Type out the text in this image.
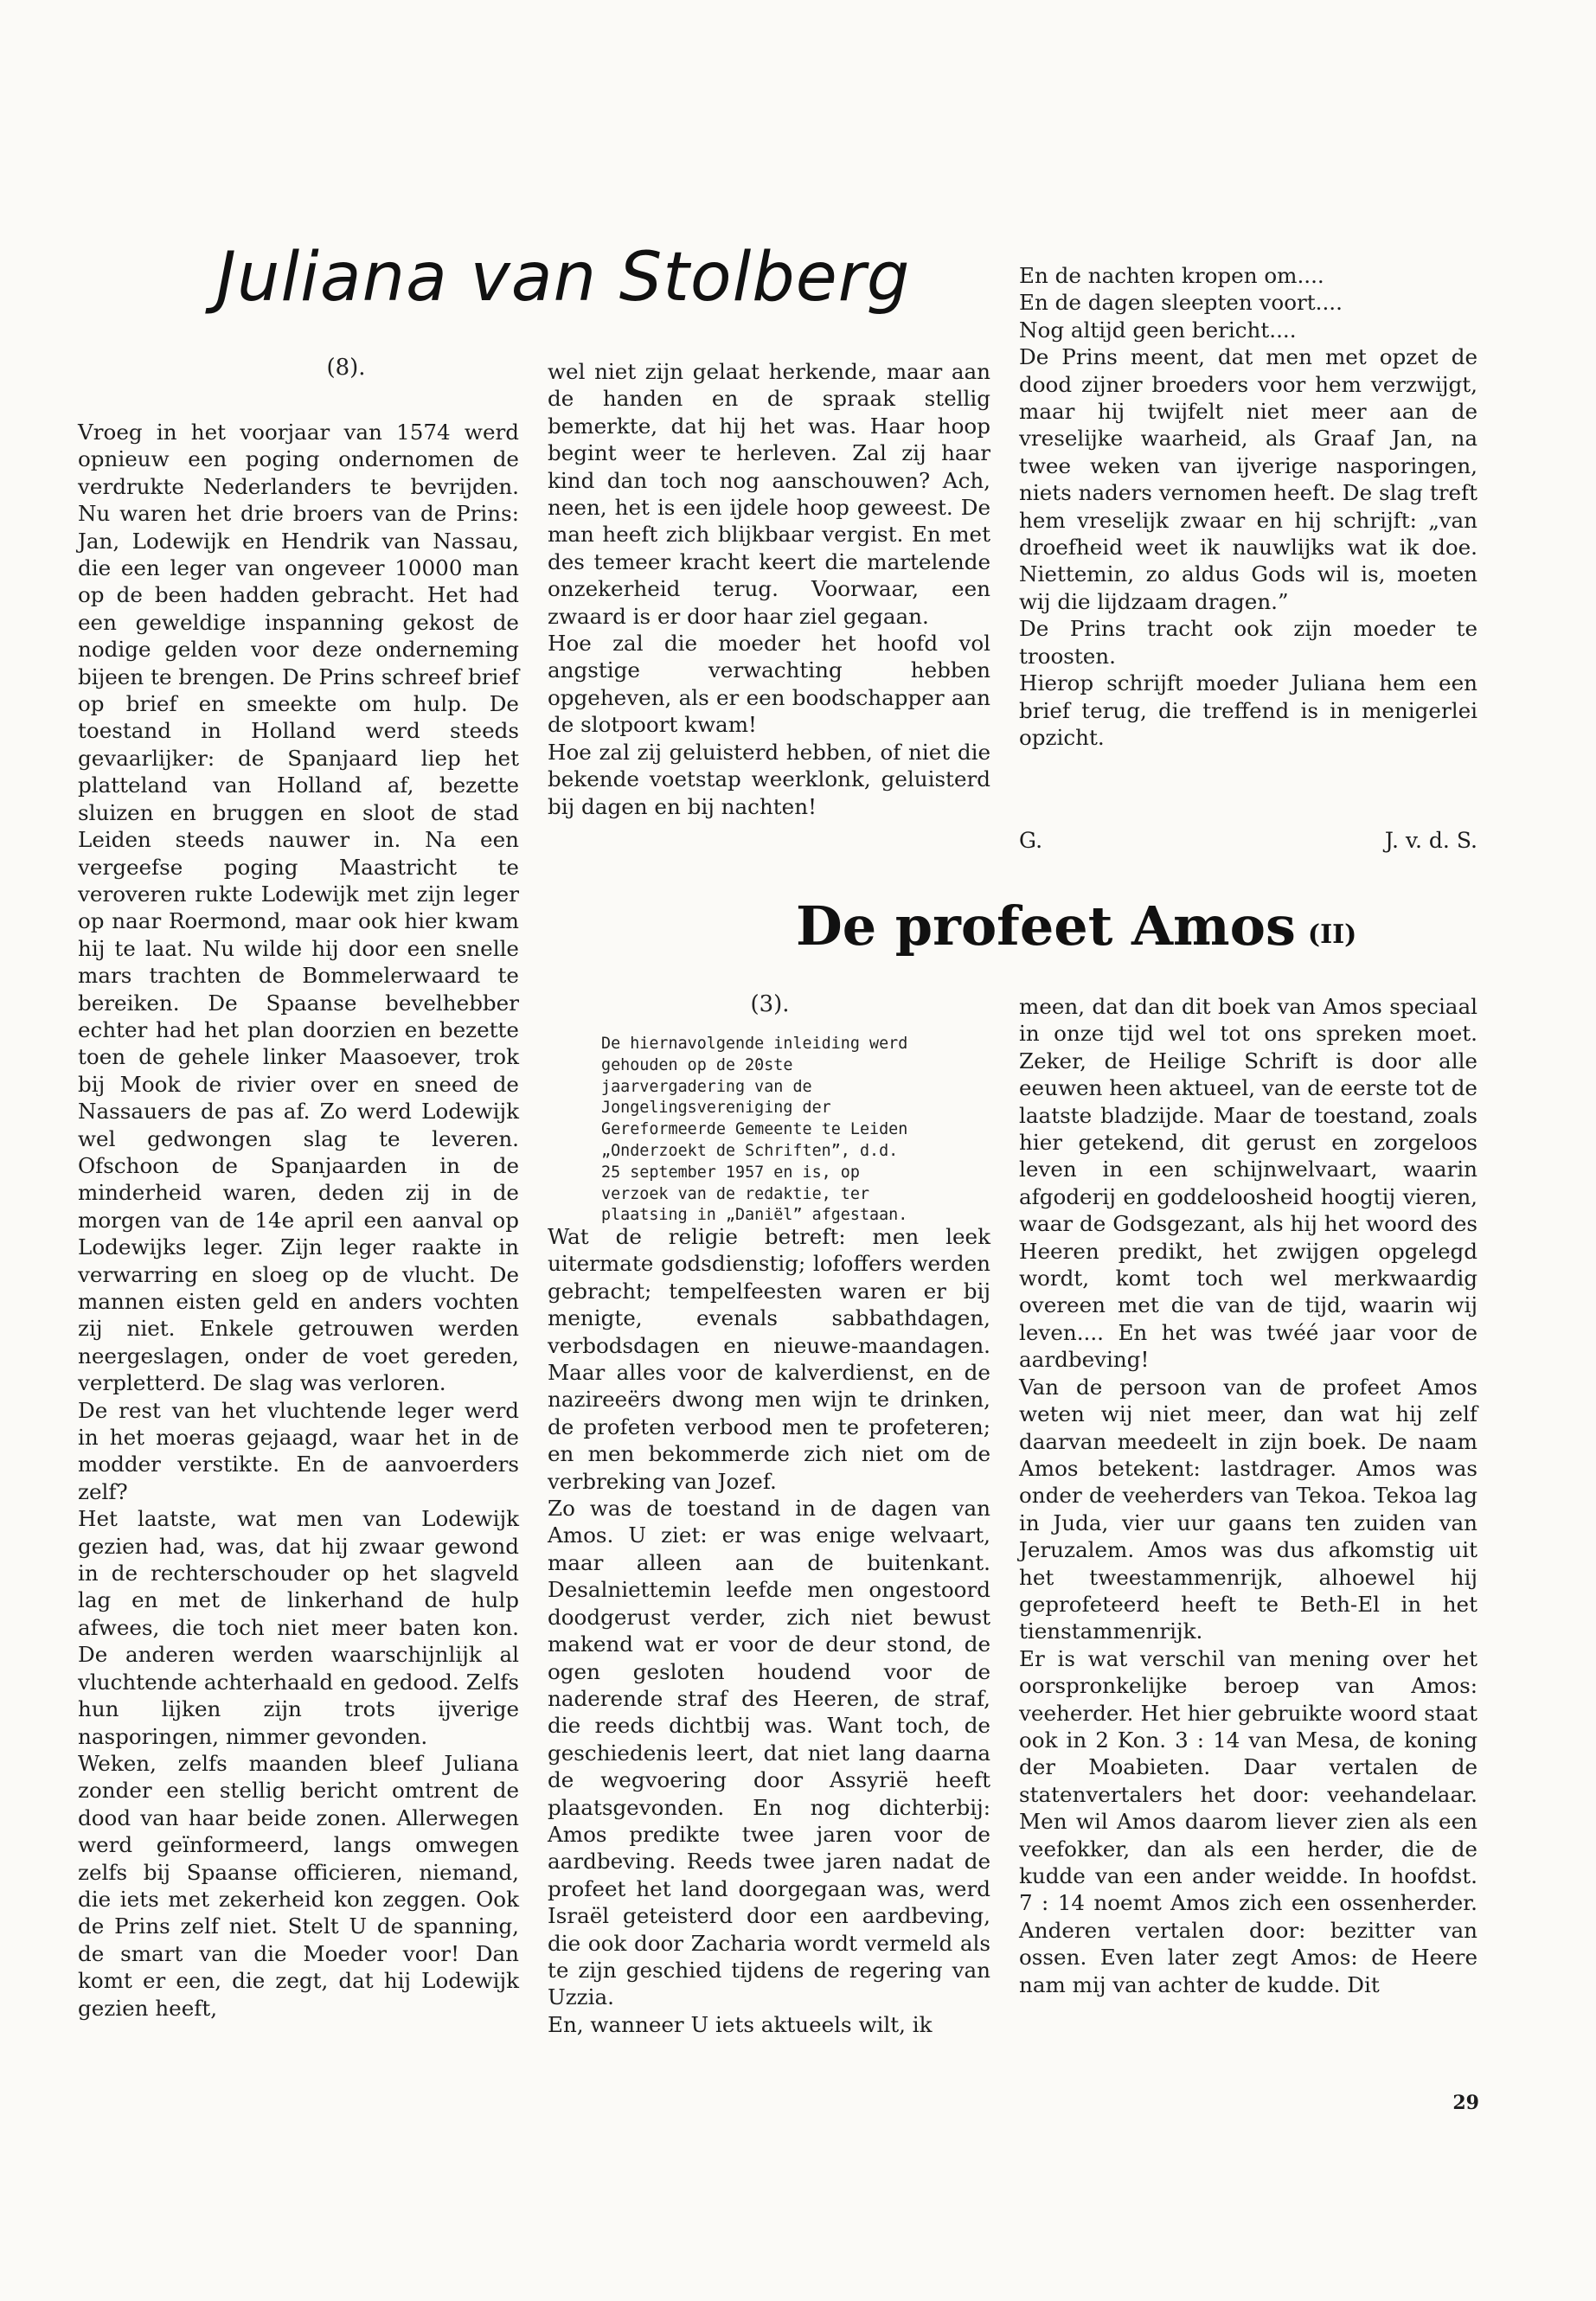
Juliana van Stolberg
(8).

Vroeg in het voorjaar van 1574 werd opnieuw een poging ondernomen de verdrukte Nederlanders te bevrijden. Nu waren het drie broers van de Prins: Jan, Lodewijk en Hendrik van Nassau, die een leger van ongeveer 10000 man op de been hadden gebracht. Het had een geweldige inspanning gekost de nodige gelden voor deze onderneming bijeen te brengen. De Prins schreef brief op brief en smeekte om hulp. De toestand in Holland werd steeds gevaarlijker: de Spanjaard liep het platteland van Holland af, bezette sluizen en bruggen en sloot de stad Leiden steeds nauwer in. Na een vergeefse poging Maastricht te veroveren rukte Lodewijk met zijn leger op naar Roermond, maar ook hier kwam hij te laat. Nu wilde hij door een snelle mars trachten de Bommelerwaard te bereiken. De Spaanse bevelhebber echter had het plan doorzien en bezette toen de gehele linker Maasoever, trok bij Mook de rivier over en sneed de Nassauers de pas af. Zo werd Lodewijk wel gedwongen slag te leveren. Ofschoon de Spanjaarden in de minderheid waren, deden zij in de morgen van de 14e april een aanval op Lodewijks leger. Zijn leger raakte in verwarring en sloeg op de vlucht. De mannen eisten geld en anders vochten zij niet. Enkele getrouwen werden neergeslagen, onder de voet gereden, verpletterd. De slag was verloren.

De rest van het vluchtende leger werd in het moeras gejaagd, waar het in de modder verstikte. En de aanvoerders zelf?

Het laatste, wat men van Lodewijk gezien had, was, dat hij zwaar gewond in de rechterschouder op het slagveld lag en met de linkerhand de hulp afwees, die toch niet meer baten kon. De anderen werden waarschijnlijk al vluchtende achterhaald en gedood. Zelfs hun lijken zijn trots ijverige nasporingen, nimmer gevonden.

Weken, zelfs maanden bleef Juliana zonder een stellig bericht omtrent de dood van haar beide zonen. Allerwegen werd geïnformeerd, langs omwegen zelfs bij Spaanse officieren, niemand, die iets met zekerheid kon zeggen. Ook de Prins zelf niet. Stelt U de spanning, de smart van die Moeder voor! Dan komt er een, die zegt, dat hij Lodewijk gezien heeft,

wel niet zijn gelaat herkende, maar aan de handen en de spraak stellig bemerkte, dat hij het was. Haar hoop begint weer te herleven. Zal zij haar kind dan toch nog aanschouwen? Ach, neen, het is een ijdele hoop geweest. De man heeft zich blijkbaar vergist. En met des temeer kracht keert die martelende onzekerheid terug. Voorwaar, een zwaard is er door haar ziel gegaan.

Hoe zal die moeder het hoofd vol angstige verwachting hebben opgeheven, als er een boodschapper aan de slotpoort kwam!

Hoe zal zij geluisterd hebben, of niet die bekende voetstap weerklonk, geluisterd bij dagen en bij nachten!

En de nachten kropen om....

En de dagen sleepten voort....

Nog altijd geen bericht....

De Prins meent, dat men met opzet de dood zijner broeders voor hem verzwijgt, maar hij twijfelt niet meer aan de vreselijke waarheid, als Graaf Jan, na twee weken van ijverige nasporingen, niets naders vernomen heeft. De slag treft hem vreselijk zwaar en hij schrijft: „van droefheid weet ik nauwlijks wat ik doe. Niettemin, zo aldus Gods wil is, moeten wij die lijdzaam dragen.”

De Prins tracht ook zijn moeder te troosten.

Hierop schrijft moeder Juliana hem een brief terug, die treffend is in menigerlei opzicht.

G.	J. v. d. S.
De profeet Amos (II)
(3).
De hiernavolgende inleiding werd gehouden op de 20ste jaarvergadering van de Jongelingsvereniging der Gereformeerde Gemeente te Leiden „Onderzoekt de Schriften”, d.d. 25 september 1957 en is, op verzoek van de redaktie, ter plaatsing in „Daniël” afgestaan.

Wat de religie betreft: men leek uitermate godsdienstig; lofoffers werden gebracht; tempelfeesten waren er bij menigte, evenals sabbathdagen, verbodsdagen en nieuwe-maandagen. Maar alles voor de kalverdienst, en de nazireeërs dwong men wijn te drinken, de profeten verbood men te profeteren; en men bekommerde zich niet om de verbreking van Jozef.

Zo was de toestand in de dagen van Amos. U ziet: er was enige welvaart, maar alleen aan de buitenkant. Desalniettemin leefde men ongestoord doodgerust verder, zich niet bewust makend wat er voor de deur stond, de ogen gesloten houdend voor de naderende straf des Heeren, de straf, die reeds dichtbij was. Want toch, de geschiedenis leert, dat niet lang daarna de wegvoering door Assyrië heeft plaatsgevonden. En nog dichterbij: Amos predikte twee jaren voor de aardbeving. Reeds twee jaren nadat de profeet het land doorgegaan was, werd Israël geteisterd door een aardbeving, die ook door Zacharia wordt vermeld als te zijn geschied tijdens de regering van Uzzia.

En, wanneer U iets aktueels wilt, ik

meen, dat dan dit boek van Amos speciaal in onze tijd wel tot ons spreken moet. Zeker, de Heilige Schrift is door alle eeuwen heen aktueel, van de eerste tot de laatste bladzijde. Maar de toestand, zoals hier getekend, dit gerust en zorgeloos leven in een schijnwelvaart, waarin afgoderij en goddeloosheid hoogtij vieren, waar de Godsgezant, als hij het woord des Heeren predikt, het zwijgen opgelegd wordt, komt toch wel merkwaardig overeen met die van de tijd, waarin wij leven.... En het was twéé jaar voor de aardbeving!

Van de persoon van de profeet Amos weten wij niet meer, dan wat hij zelf daarvan meedeelt in zijn boek. De naam Amos betekent: lastdrager. Amos was onder de veeherders van Tekoa. Tekoa lag in Juda, vier uur gaans ten zuiden van Jeruzalem. Amos was dus afkomstig uit het tweestammenrijk, alhoewel hij geprofeteerd heeft te Beth-El in het tienstammenrijk.

Er is wat verschil van mening over het oorspronkelijke beroep van Amos: veeherder. Het hier gebruikte woord staat ook in 2 Kon. 3 : 14 van Mesa, de koning der Moabieten. Daar vertalen de statenvertalers het door: veehandelaar. Men wil Amos daarom liever zien als een veefokker, dan als een herder, die de kudde van een ander weidde. In hoofdst. 7 : 14 noemt Amos zich een ossenherder. Anderen vertalen door: bezitter van ossen. Even later zegt Amos: de Heere nam mij van achter de kudde. Dit

29
